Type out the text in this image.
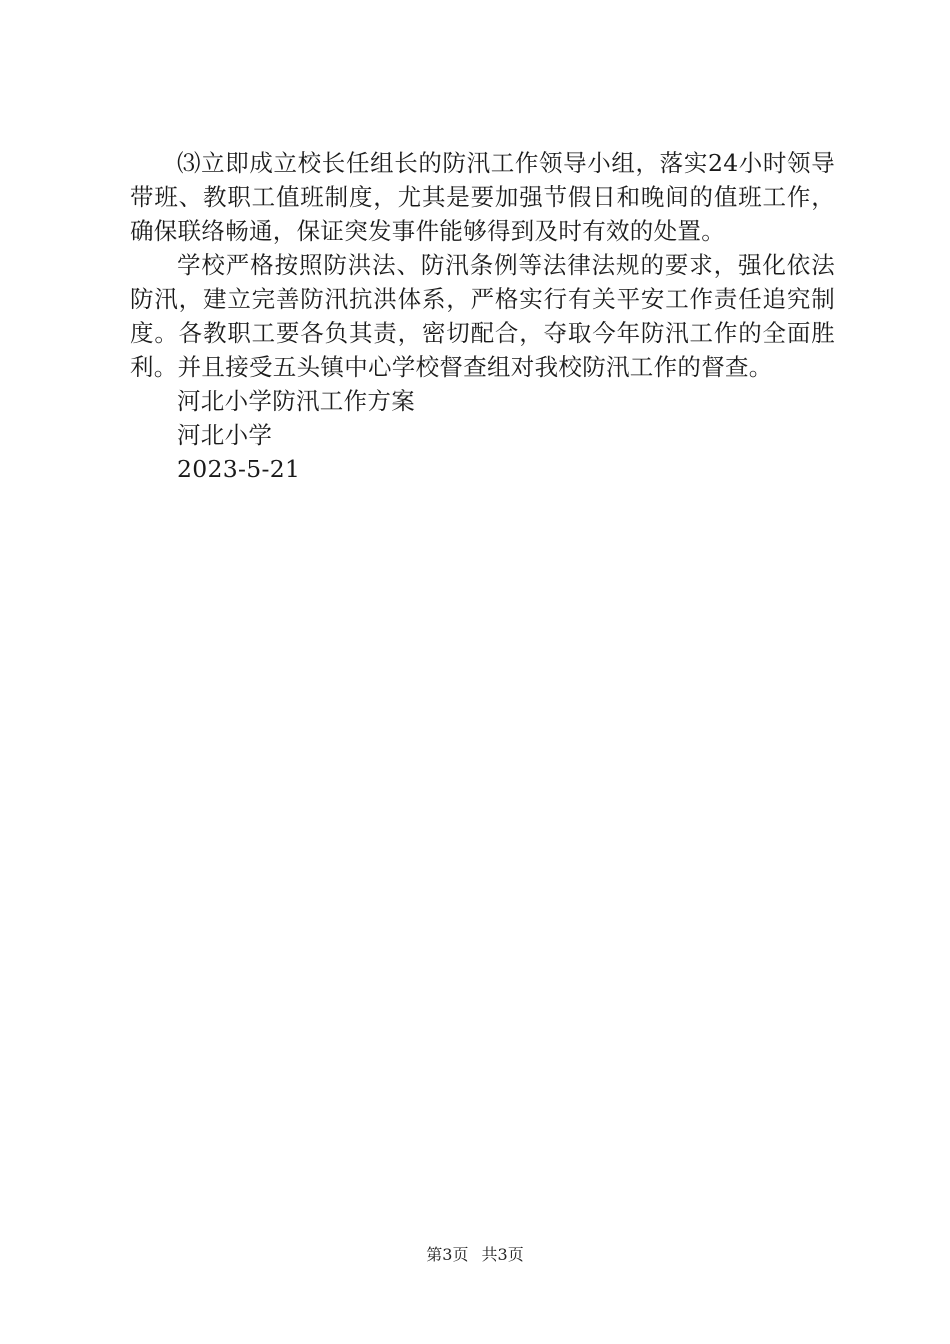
⑶立即成立校长任组长的防汛工作领导小组，落实24小时领导带班、教职工值班制度，尤其是要加强节假日和晚间的值班工作，确保联络畅通，保证突发事件能够得到及时有效的处置。

学校严格按照防洪法、防汛条例等法律法规的要求，强化依法防汛，建立完善防汛抗洪体系，严格实行有关平安工作责任追究制度。各教职工要各负其责，密切配合，夺取今年防汛工作的全面胜利。并且接受五头镇中心学校督查组对我校防汛工作的督查。

河北小学防汛工作方案

河北小学

2023-5-21

第3页 共3页
